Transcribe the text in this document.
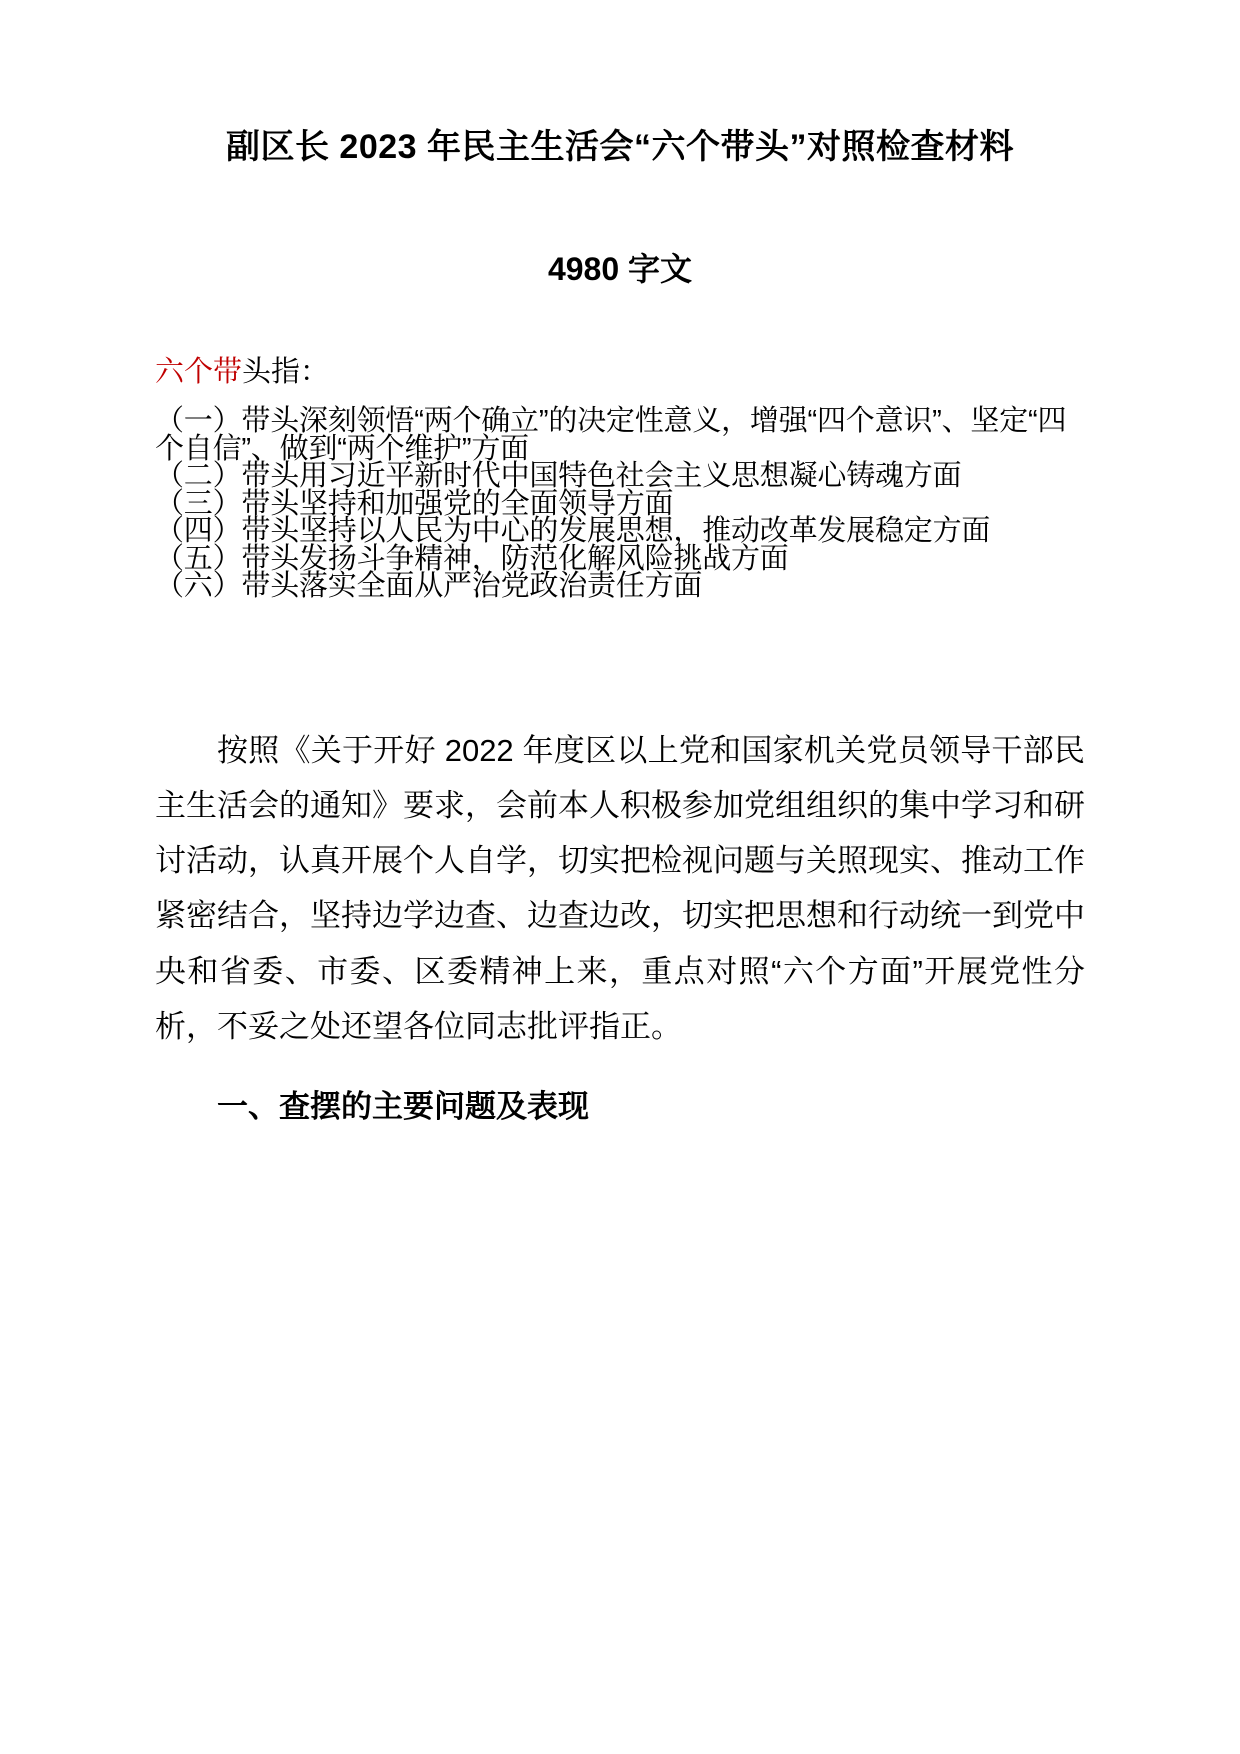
副区长 2023 年民主生活会“六个带头”对照检查材料
4980 字文

六个带头指：

（一）带头深刻领悟“两个确立”的决定性意义，增强“四个意识”、坚定“四个自信”、做到“两个维护”方面

（二）带头用习近平新时代中国特色社会主义思想凝心铸魂方面

（三）带头坚持和加强党的全面领导方面

（四）带头坚持以人民为中心的发展思想，推动改革发展稳定方面

（五）带头发扬斗争精神，防范化解风险挑战方面

（六）带头落实全面从严治党政治责任方面

按照《关于开好 2022 年度区以上党和国家机关党员领导干部民主生活会的通知》要求，会前本人积极参加党组组织的集中学习和研讨活动，认真开展个人自学，切实把检视问题与关照现实、推动工作紧密结合，坚持边学边查、边查边改，切实把思想和行动统一到党中央和省委、市委、区委精神上来，重点对照“六个方面”开展党性分析，不妥之处还望各位同志批评指正。

一、查摆的主要问题及表现
